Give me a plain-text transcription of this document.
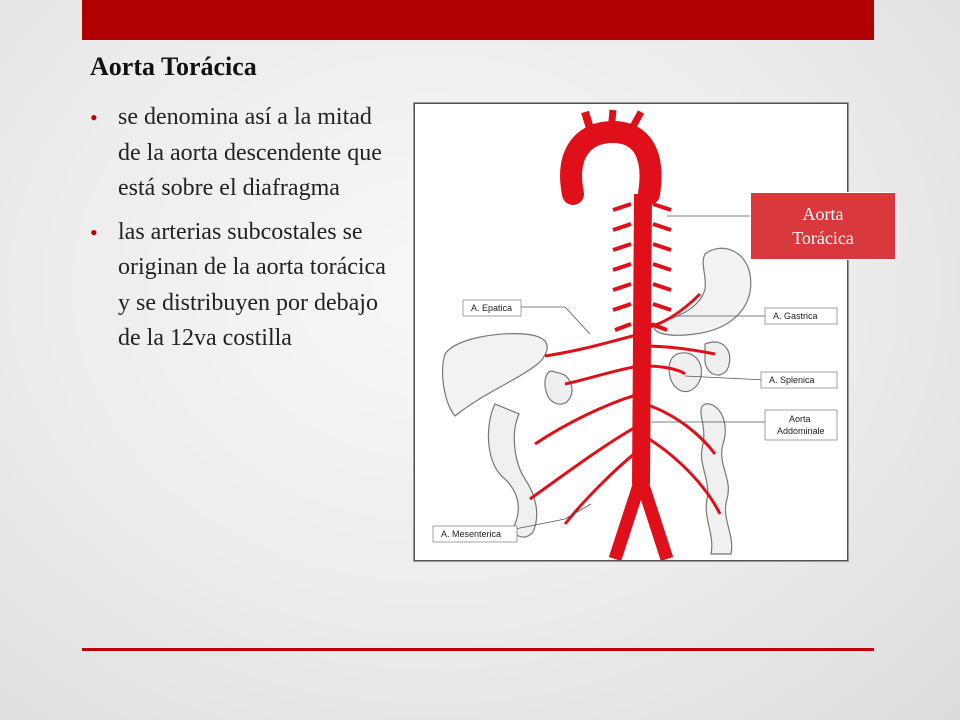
Aorta Torácica
• se denomina así a la mitad de la aorta descendente que está sobre el diafragma
• las arterias subcostales se originan de la aorta torácica y se distribuyen por debajo de la 12va costilla
A. Epatica
A. Gastrica
A. Splenica
Aorta
Addominale
A. Mesenterica
Aorta
Torácica
